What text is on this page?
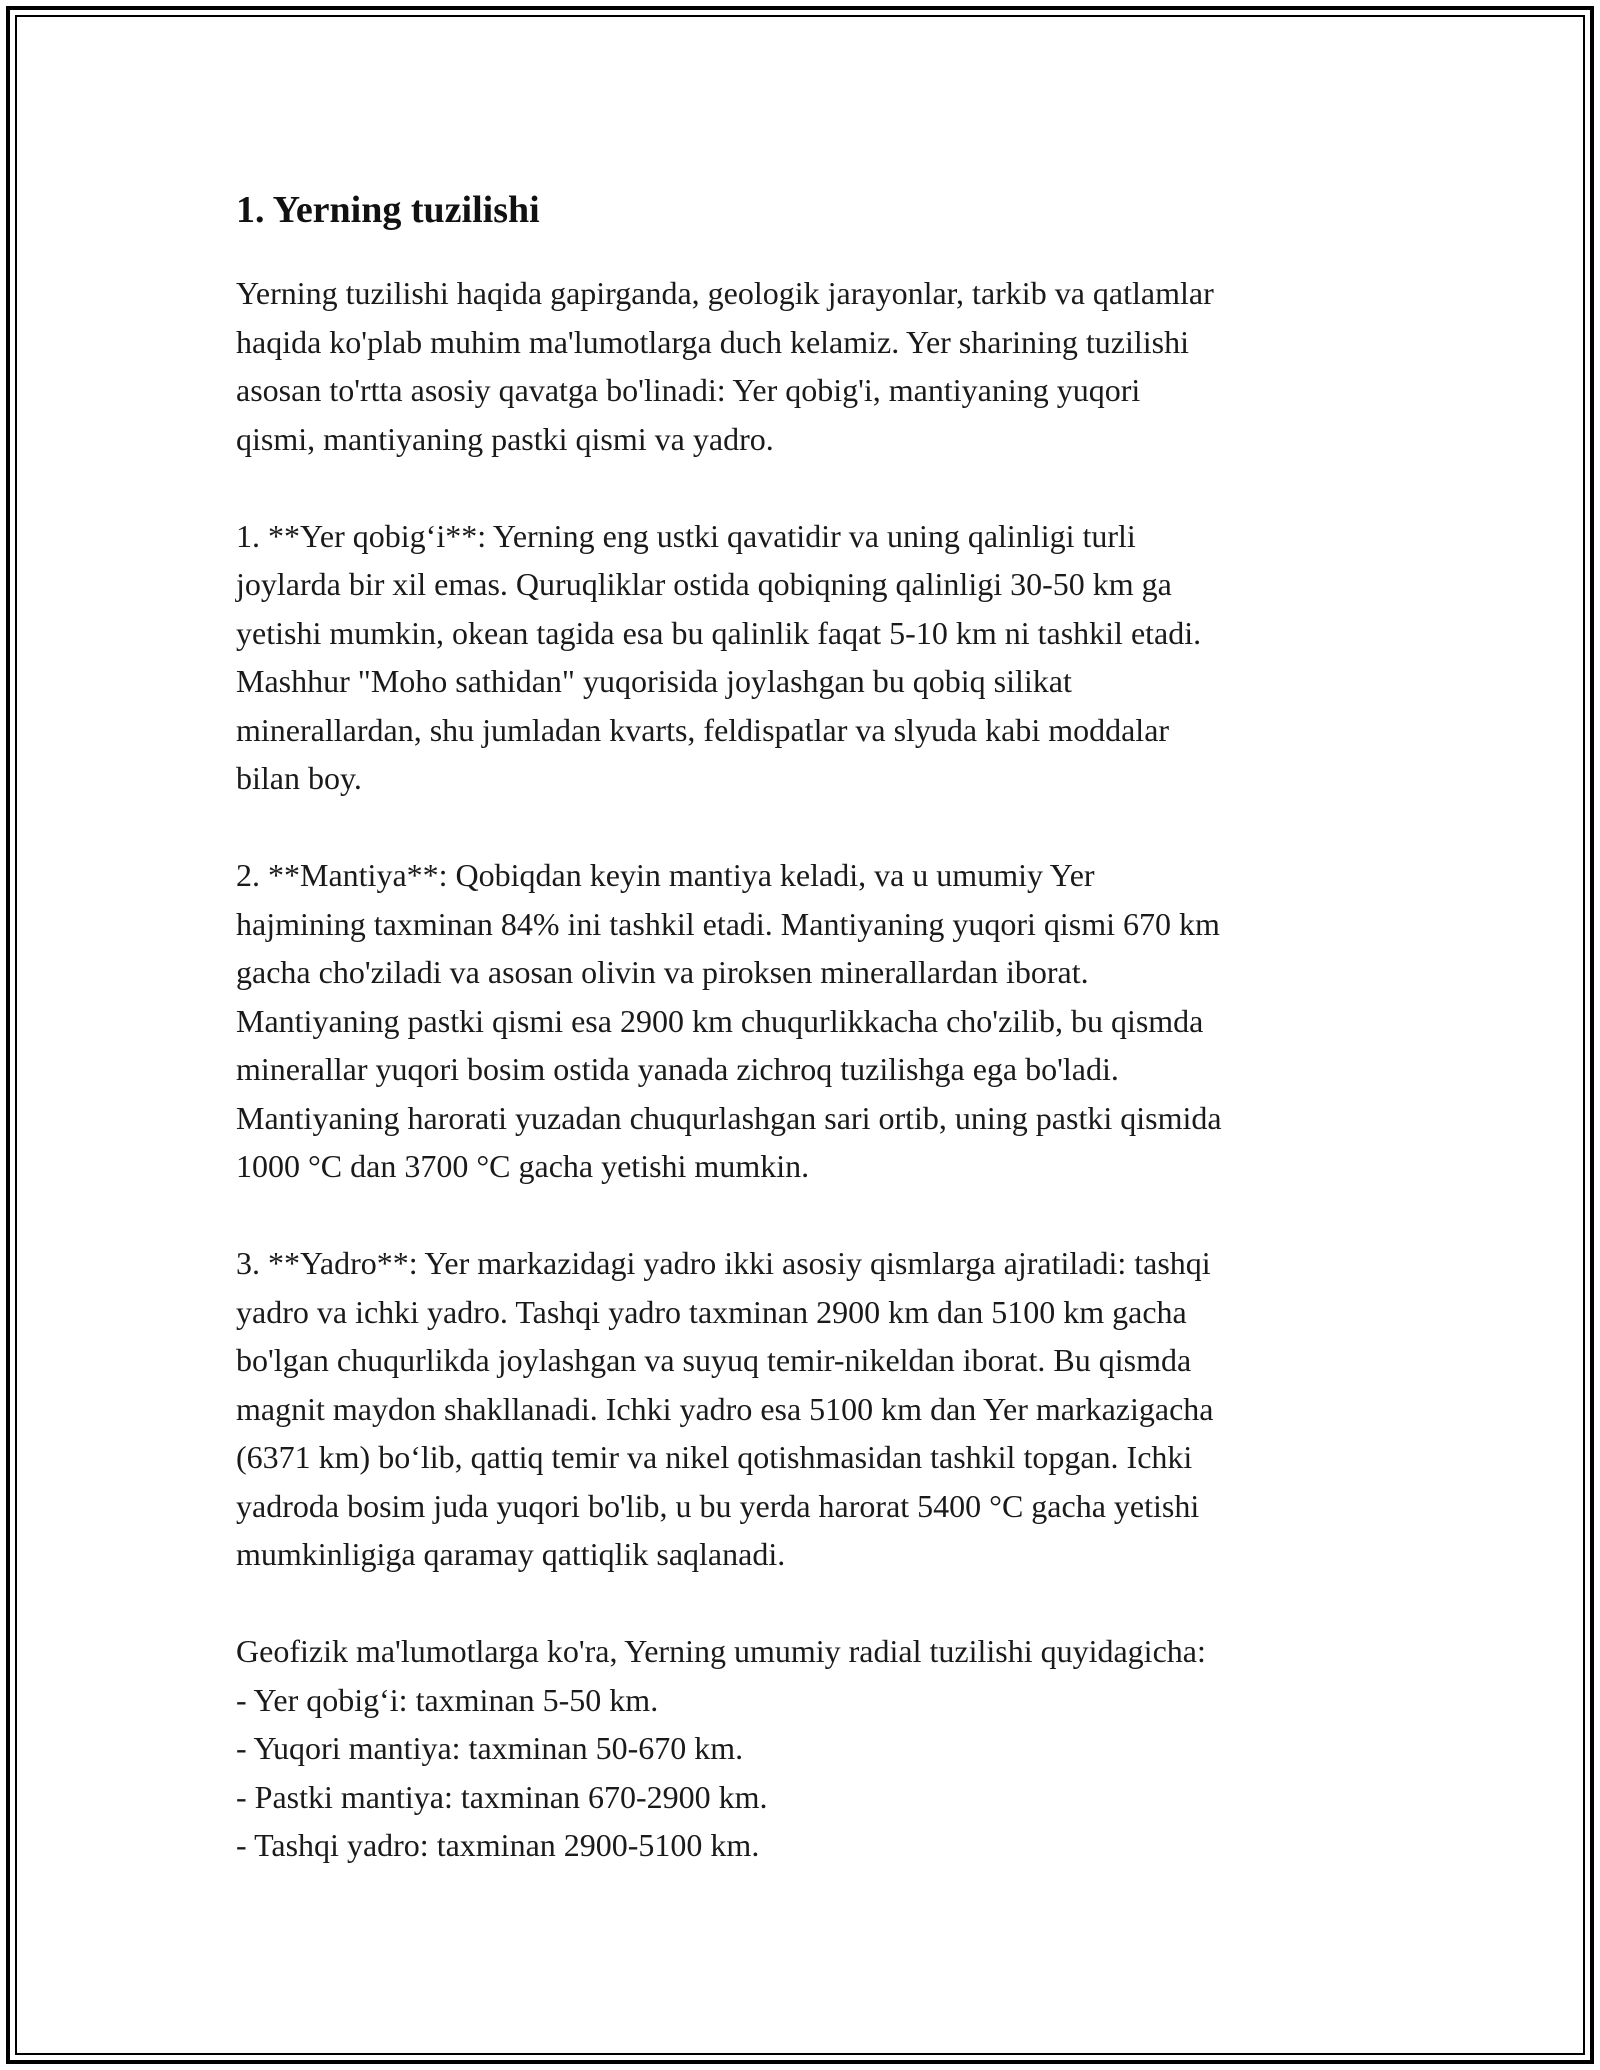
1. Yerning tuzilishi

Yerning tuzilishi haqida gapirganda, geologik jarayonlar, tarkib va qatlamlar
haqida ko'plab muhim ma'lumotlarga duch kelamiz. Yer sharining tuzilishi
asosan to'rtta asosiy qavatga bo'linadi: Yer qobig'i, mantiyaning yuqori
qismi, mantiyaning pastki qismi va yadro.

1. **Yer qobig‘i**: Yerning eng ustki qavatidir va uning qalinligi turli
joylarda bir xil emas. Quruqliklar ostida qobiqning qalinligi 30-50 km ga
yetishi mumkin, okean tagida esa bu qalinlik faqat 5-10 km ni tashkil etadi.
Mashhur "Moho sathidan" yuqorisida joylashgan bu qobiq silikat
minerallardan, shu jumladan kvarts, feldispatlar va slyuda kabi moddalar
bilan boy.

2. **Mantiya**: Qobiqdan keyin mantiya keladi, va u umumiy Yer
hajmining taxminan 84% ini tashkil etadi. Mantiyaning yuqori qismi 670 km
gacha cho'ziladi va asosan olivin va piroksen minerallardan iborat.
Mantiyaning pastki qismi esa 2900 km chuqurlikkacha cho'zilib, bu qismda
minerallar yuqori bosim ostida yanada zichroq tuzilishga ega bo'ladi.
Mantiyaning harorati yuzadan chuqurlashgan sari ortib, uning pastki qismida
1000 °C dan 3700 °C gacha yetishi mumkin.

3. **Yadro**: Yer markazidagi yadro ikki asosiy qismlarga ajratiladi: tashqi
yadro va ichki yadro. Tashqi yadro taxminan 2900 km dan 5100 km gacha
bo'lgan chuqurlikda joylashgan va suyuq temir-nikeldan iborat. Bu qismda
magnit maydon shakllanadi. Ichki yadro esa 5100 km dan Yer markazigacha
(6371 km) bo‘lib, qattiq temir va nikel qotishmasidan tashkil topgan. Ichki
yadroda bosim juda yuqori bo'lib, u bu yerda harorat 5400 °C gacha yetishi
mumkinligiga qaramay qattiqlik saqlanadi.

Geofizik ma'lumotlarga ko'ra, Yerning umumiy radial tuzilishi quyidagicha:
- Yer qobig‘i: taxminan 5-50 km.
- Yuqori mantiya: taxminan 50-670 km.
- Pastki mantiya: taxminan 670-2900 km.
- Tashqi yadro: taxminan 2900-5100 km.
